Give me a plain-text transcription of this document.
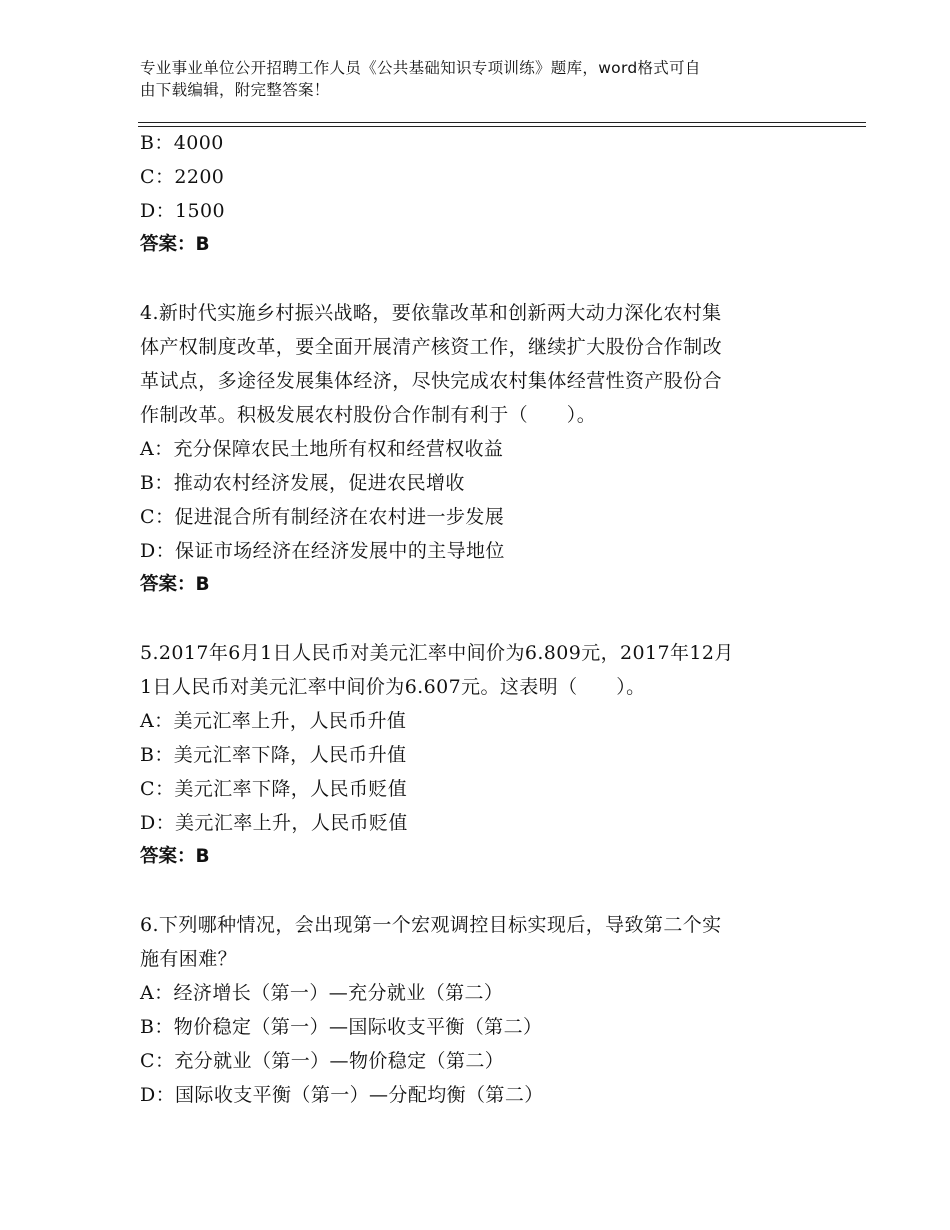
专业事业单位公开招聘工作人员《公共基础知识专项训练》题库，word格式可自
由下载编辑，附完整答案！
B：4000
C：2200
D：1500
答案：B
4.新时代实施乡村振兴战略，要依靠改革和创新两大动力深化农村集
体产权制度改革，要全面开展清产核资工作，继续扩大股份合作制改
革试点，多途径发展集体经济，尽快完成农村集体经营性资产股份合
作制改革。积极发展农村股份合作制有利于（　　）。
A：充分保障农民土地所有权和经营权收益
B：推动农村经济发展，促进农民增收
C：促进混合所有制经济在农村进一步发展
D：保证市场经济在经济发展中的主导地位
答案：B
5.2017年6月1日人民币对美元汇率中间价为6.809元，2017年12月
1日人民币对美元汇率中间价为6.607元。这表明（　　）。
A：美元汇率上升，人民币升值
B：美元汇率下降，人民币升值
C：美元汇率下降，人民币贬值
D：美元汇率上升，人民币贬值
答案：B
6.下列哪种情况，会出现第一个宏观调控目标实现后，导致第二个实
施有困难？
A：经济增长（第一）—充分就业（第二）
B：物价稳定（第一）—国际收支平衡（第二）
C：充分就业（第一）—物价稳定（第二）
D：国际收支平衡（第一）—分配均衡（第二）
